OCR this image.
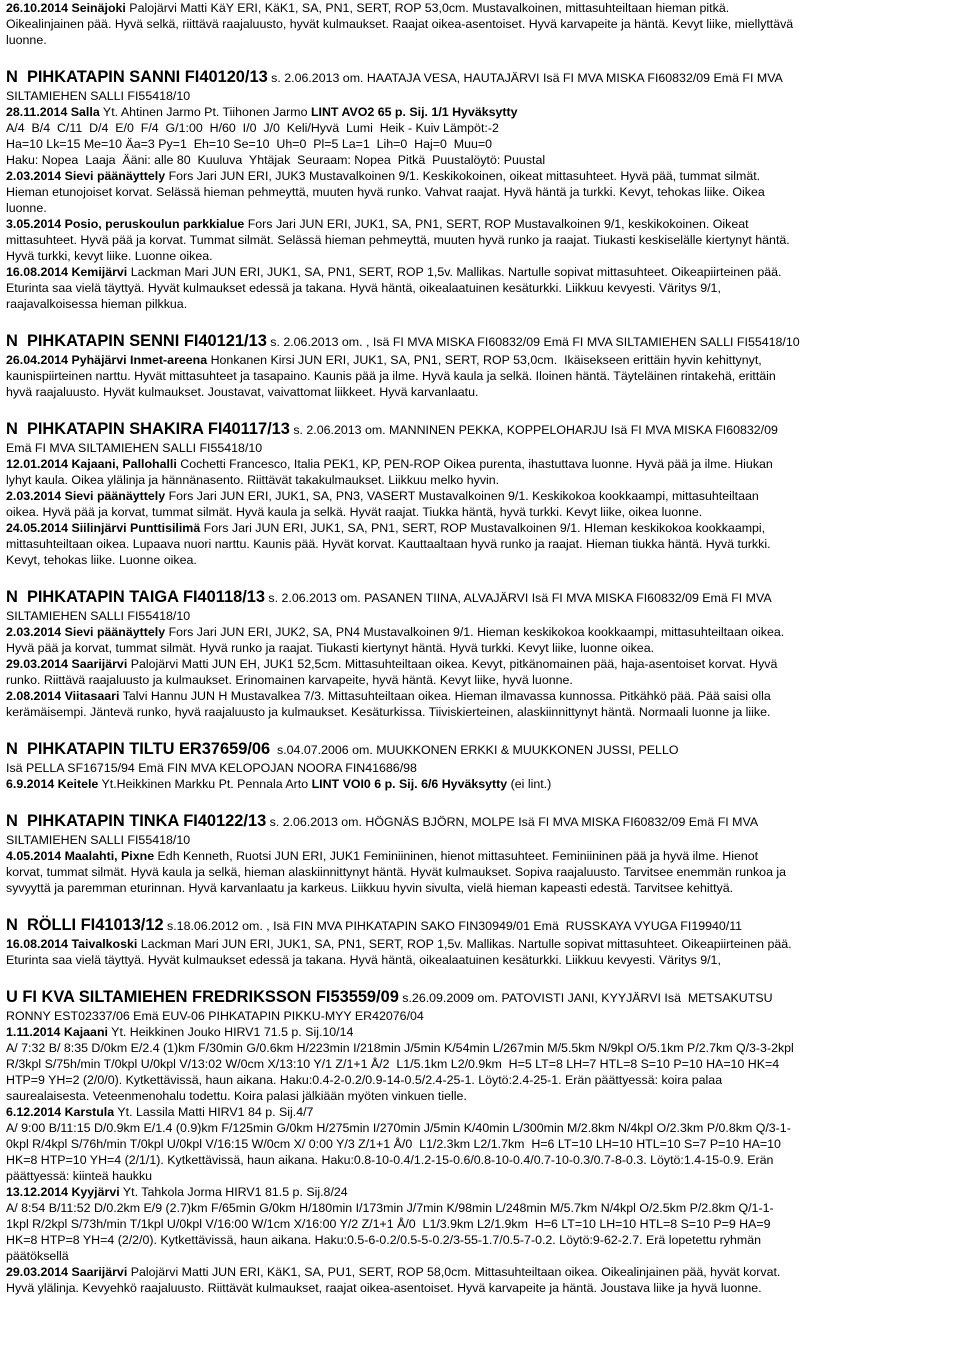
26.10.2014 Seinäjoki Palojärvi Matti KäY ERI, KäK1, SA, PN1, SERT, ROP 53,0cm. Mustavalkoinen, mittasuhteiltaan hieman pitkä.
Oikealinjainen pää. Hyvä selkä, riittävä raajaluusto, hyvät kulmaukset. Raajat oikea-asentoiset. Hyvä karvapeite ja häntä. Kevyt liike, miellyttävä
luonne.
N  PIHKATAPIN SANNI FI40120/13 s. 2.06.2013 om. HAATAJA VESA, HAUTAJÄRVI Isä FI MVA MISKA FI60832/09 Emä FI MVA
SILTAMIEHEN SALLI FI55418/10
28.11.2014 Salla Yt. Ahtinen Jarmo Pt. Tiihonen Jarmo LINT AVO2 65 p. Sij. 1/1 Hyväksytty
A/4  B/4  C/11  D/4  E/0  F/4  G/1:00  H/60  I/0  J/0  Keli/Hyvä  Lumi  Heik - Kuiv Lämpöt:-2
Ha=10 Lk=15 Me=10 Äa=3 Py=1  Eh=10 Se=10  Uh=0  Pl=5 La=1  Lih=0  Haj=0  Muu=0
Haku: Nopea  Laaja  Ääni: alle 80  Kuuluva  Yhtäjak  Seuraam: Nopea  Pitkä  Puustalöytö: Puustal
2.03.2014 Sievi päänäyttely Fors Jari JUN ERI, JUK3 Mustavalkoinen 9/1. Keskikokoinen, oikeat mittasuhteet. Hyvä pää, tummat silmät.
Hieman etunojoiset korvat. Selässä hieman pehmeyttä, muuten hyvä runko. Vahvat raajat. Hyvä häntä ja turkki. Kevyt, tehokas liike. Oikea
luonne.
3.05.2014 Posio, peruskoulun parkkialue Fors Jari JUN ERI, JUK1, SA, PN1, SERT, ROP Mustavalkoinen 9/1, keskikokoinen. Oikeat
mittasuhteet. Hyvä pää ja korvat. Tummat silmät. Selässä hieman pehmeyttä, muuten hyvä runko ja raajat. Tiukasti keskiselälle kiertynyt häntä.
Hyvä turkki, kevyt liike. Luonne oikea.
16.08.2014 Kemijärvi Lackman Mari JUN ERI, JUK1, SA, PN1, SERT, ROP 1,5v. Mallikas. Nartulle sopivat mittasuhteet. Oikeapiirteinen pää.
Eturinta saa vielä täyttyä. Hyvät kulmaukset edessä ja takana. Hyvä häntä, oikealaatuinen kesäturkki. Liikkuu kevyesti. Väritys 9/1,
raajavalkoisessa hieman pilkkua.
N  PIHKATAPIN SENNI FI40121/13 s. 2.06.2013 om. , Isä FI MVA MISKA FI60832/09 Emä FI MVA SILTAMIEHEN SALLI FI55418/10
26.04.2014 Pyhäjärvi Inmet-areena Honkanen Kirsi JUN ERI, JUK1, SA, PN1, SERT, ROP 53,0cm.  Ikäisekseen erittäin hyvin kehittynyt,
kaunispiirteinen narttu. Hyvät mittasuhteet ja tasapaino. Kaunis pää ja ilme. Hyvä kaula ja selkä. Iloinen häntä. Täyteläinen rintakehä, erittäin
hyvä raajaluusto. Hyvät kulmaukset. Joustavat, vaivattomat liikkeet. Hyvä karvanlaatu.
N  PIHKATAPIN SHAKIRA FI40117/13 s. 2.06.2013 om. MANNINEN PEKKA, KOPPELOHARJU Isä FI MVA MISKA FI60832/09
Emä FI MVA SILTAMIEHEN SALLI FI55418/10
12.01.2014 Kajaani, Pallohalli Cochetti Francesco, Italia PEK1, KP, PEN-ROP Oikea purenta, ihastuttava luonne. Hyvä pää ja ilme. Hiukan
lyhyt kaula. Oikea ylälinja ja hännänasento. Riittävät takakulmaukset. Liikkuu melko hyvin.
2.03.2014 Sievi päänäyttely Fors Jari JUN ERI, JUK1, SA, PN3, VASERT Mustavalkoinen 9/1. Keskikokoa kookkaampi, mittasuhteiltaan
oikea. Hyvä pää ja korvat, tummat silmät. Hyvä kaula ja selkä. Hyvät raajat. Tiukka häntä, hyvä turkki. Kevyt liike, oikea luonne.
24.05.2014 Siilinjärvi Punttisilimä Fors Jari JUN ERI, JUK1, SA, PN1, SERT, ROP Mustavalkoinen 9/1. HIeman keskikokoa kookkaampi,
mittasuhteiltaan oikea. Lupaava nuori narttu. Kaunis pää. Hyvät korvat. Kauttaaltaan hyvä runko ja raajat. Hieman tiukka häntä. Hyvä turkki.
Kevyt, tehokas liike. Luonne oikea.
N  PIHKATAPIN TAIGA FI40118/13 s. 2.06.2013 om. PASANEN TIINA, ALVAJÄRVI Isä FI MVA MISKA FI60832/09 Emä FI MVA
SILTAMIEHEN SALLI FI55418/10
2.03.2014 Sievi päänäyttely Fors Jari JUN ERI, JUK2, SA, PN4 Mustavalkoinen 9/1. Hieman keskikokoa kookkaampi, mittasuhteiltaan oikea.
Hyvä pää ja korvat, tummat silmät. Hyvä runko ja raajat. Tiukasti kiertynyt häntä. Hyvä turkki. Kevyt liike, luonne oikea.
29.03.2014 Saarijärvi Palojärvi Matti JUN EH, JUK1 52,5cm. Mittasuhteiltaan oikea. Kevyt, pitkänomainen pää, haja-asentoiset korvat. Hyvä
runko. Riittävä raajaluusto ja kulmaukset. Erinomainen karvapeite, hyvä häntä. Kevyt liike, hyvä luonne.
2.08.2014 Viitasaari Talvi Hannu JUN H Mustavalkea 7/3. Mittasuhteiltaan oikea. Hieman ilmavassa kunnossa. Pitkähkö pää. Pää saisi olla
kerämäisempi. Jäntevä runko, hyvä raajaluusto ja kulmaukset. Kesäturkissa. Tiiviskierteinen, alaskiinnittynyt häntä. Normaali luonne ja liike.
N  PIHKATAPIN TILTU ER37659/06  s.04.07.2006 om. MUUKKONEN ERKKI & MUUKKONEN JUSSI, PELLO
Isä PELLA SF16715/94 Emä FIN MVA KELOPOJAN NOORA FIN41686/98
6.9.2014 Keitele Yt.Heikkinen Markku Pt. Pennala Arto LINT VOI0 6 p. Sij. 6/6 Hyväksytty (ei lint.)
N  PIHKATAPIN TINKA FI40122/13 s. 2.06.2013 om. HÖGNÄS BJÖRN, MOLPE Isä FI MVA MISKA FI60832/09 Emä FI MVA
SILTAMIEHEN SALLI FI55418/10
4.05.2014 Maalahti, Pixne Edh Kenneth, Ruotsi JUN ERI, JUK1 Feminiininen, hienot mittasuhteet. Feminiininen pää ja hyvä ilme. Hienot
korvat, tummat silmät. Hyvä kaula ja selkä, hieman alaskiinnittynyt häntä. Hyvät kulmaukset. Sopiva raajaluusto. Tarvitsee enemmän runkoa ja
syvyyttä ja paremman eturinnan. Hyvä karvanlaatu ja karkeus. Liikkuu hyvin sivulta, vielä hieman kapeasti edestä. Tarvitsee kehittyä.
N  RÖLLI FI41013/12 s.18.06.2012 om. , Isä FIN MVA PIHKATAPIN SAKO FIN30949/01 Emä  RUSSKAYA VYUGA FI19940/11
16.08.2014 Taivalkoski Lackman Mari JUN ERI, JUK1, SA, PN1, SERT, ROP 1,5v. Mallikas. Nartulle sopivat mittasuhteet. Oikeapiirteinen pää.
Eturinta saa vielä täyttyä. Hyvät kulmaukset edessä ja takana. Hyvä häntä, oikealaatuinen kesäturkki. Liikkuu kevyesti. Väritys 9/1,
U FI KVA SILTAMIEHEN FREDRIKSSON FI53559/09 s.26.09.2009 om. PATOVISTI JANI, KYYJÄRVI Isä  METSAKUTSU
RONNY EST02337/06 Emä EUV-06 PIHKATAPIN PIKKU-MYY ER42076/04
1.11.2014 Kajaani Yt. Heikkinen Jouko HIRV1 71.5 p. Sij.10/14
A/ 7:32 B/ 8:35 D/0km E/2.4 (1)km F/30min G/0.6km H/223min I/218min J/5min K/54min L/267min M/5.5km N/9kpl O/5.1km P/2.7km Q/3-3-2kpl
R/3kpl S/75h/min T/0kpl U/0kpl V/13:02 W/0cm X/13:10 Y/1 Z/1+1 Å/2  L1/5.1km L2/0.9km  H=5 LT=8 LH=7 HTL=8 S=10 P=10 HA=10 HK=4
HTP=9 YH=2 (2/0/0). Kytkettävissä, haun aikana. Haku:0.4-2-0.2/0.9-14-0.5/2.4-25-1. Löytö:2.4-25-1. Erän päättyessä: koira palaa
saurealaisesta. Veteenmenohalu todettu. Koira palasi jälkiään myöten vinkuen tielle.
6.12.2014 Karstula Yt. Lassila Matti HIRV1 84 p. Sij.4/7
A/ 9:00 B/11:15 D/0.9km E/1.4 (0.9)km F/125min G/0km H/275min I/270min J/5min K/40min L/300min M/2.8km N/4kpl O/2.3km P/0.8km Q/3-1-
0kpl R/4kpl S/76h/min T/0kpl U/0kpl V/16:15 W/0cm X/ 0:00 Y/3 Z/1+1 Å/0  L1/2.3km L2/1.7km  H=6 LT=10 LH=10 HTL=10 S=7 P=10 HA=10
HK=8 HTP=10 YH=4 (2/1/1). Kytkettävissä, haun aikana. Haku:0.8-10-0.4/1.2-15-0.6/0.8-10-0.4/0.7-10-0.3/0.7-8-0.3. Löytö:1.4-15-0.9. Erän
päättyessä: kiinteä haukku
13.12.2014 Kyyjärvi Yt. Tahkola Jorma HIRV1 81.5 p. Sij.8/24
A/ 8:54 B/11:52 D/0.2km E/9 (2.7)km F/65min G/0km H/180min I/173min J/7min K/98min L/248min M/5.7km N/4kpl O/2.5km P/2.8km Q/1-1-
1kpl R/2kpl S/73h/min T/1kpl U/0kpl V/16:00 W/1cm X/16:00 Y/2 Z/1+1 Å/0  L1/3.9km L2/1.9km  H=6 LT=10 LH=10 HTL=8 S=10 P=9 HA=9
HK=8 HTP=8 YH=4 (2/2/0). Kytkettävissä, haun aikana. Haku:0.5-6-0.2/0.5-5-0.2/3-55-1.7/0.5-7-0.2. Löytö:9-62-2.7. Erä lopetettu ryhmän
päätöksellä
29.03.2014 Saarijärvi Palojärvi Matti JUN ERI, KäK1, SA, PU1, SERT, ROP 58,0cm. Mittasuhteiltaan oikea. Oikealinjainen pää, hyvät korvat.
Hyvä ylälinja. Kevyehkö raajaluusto. Riittävät kulmaukset, raajat oikea-asentoiset. Hyvä karvapeite ja häntä. Joustava liike ja hyvä luonne.
